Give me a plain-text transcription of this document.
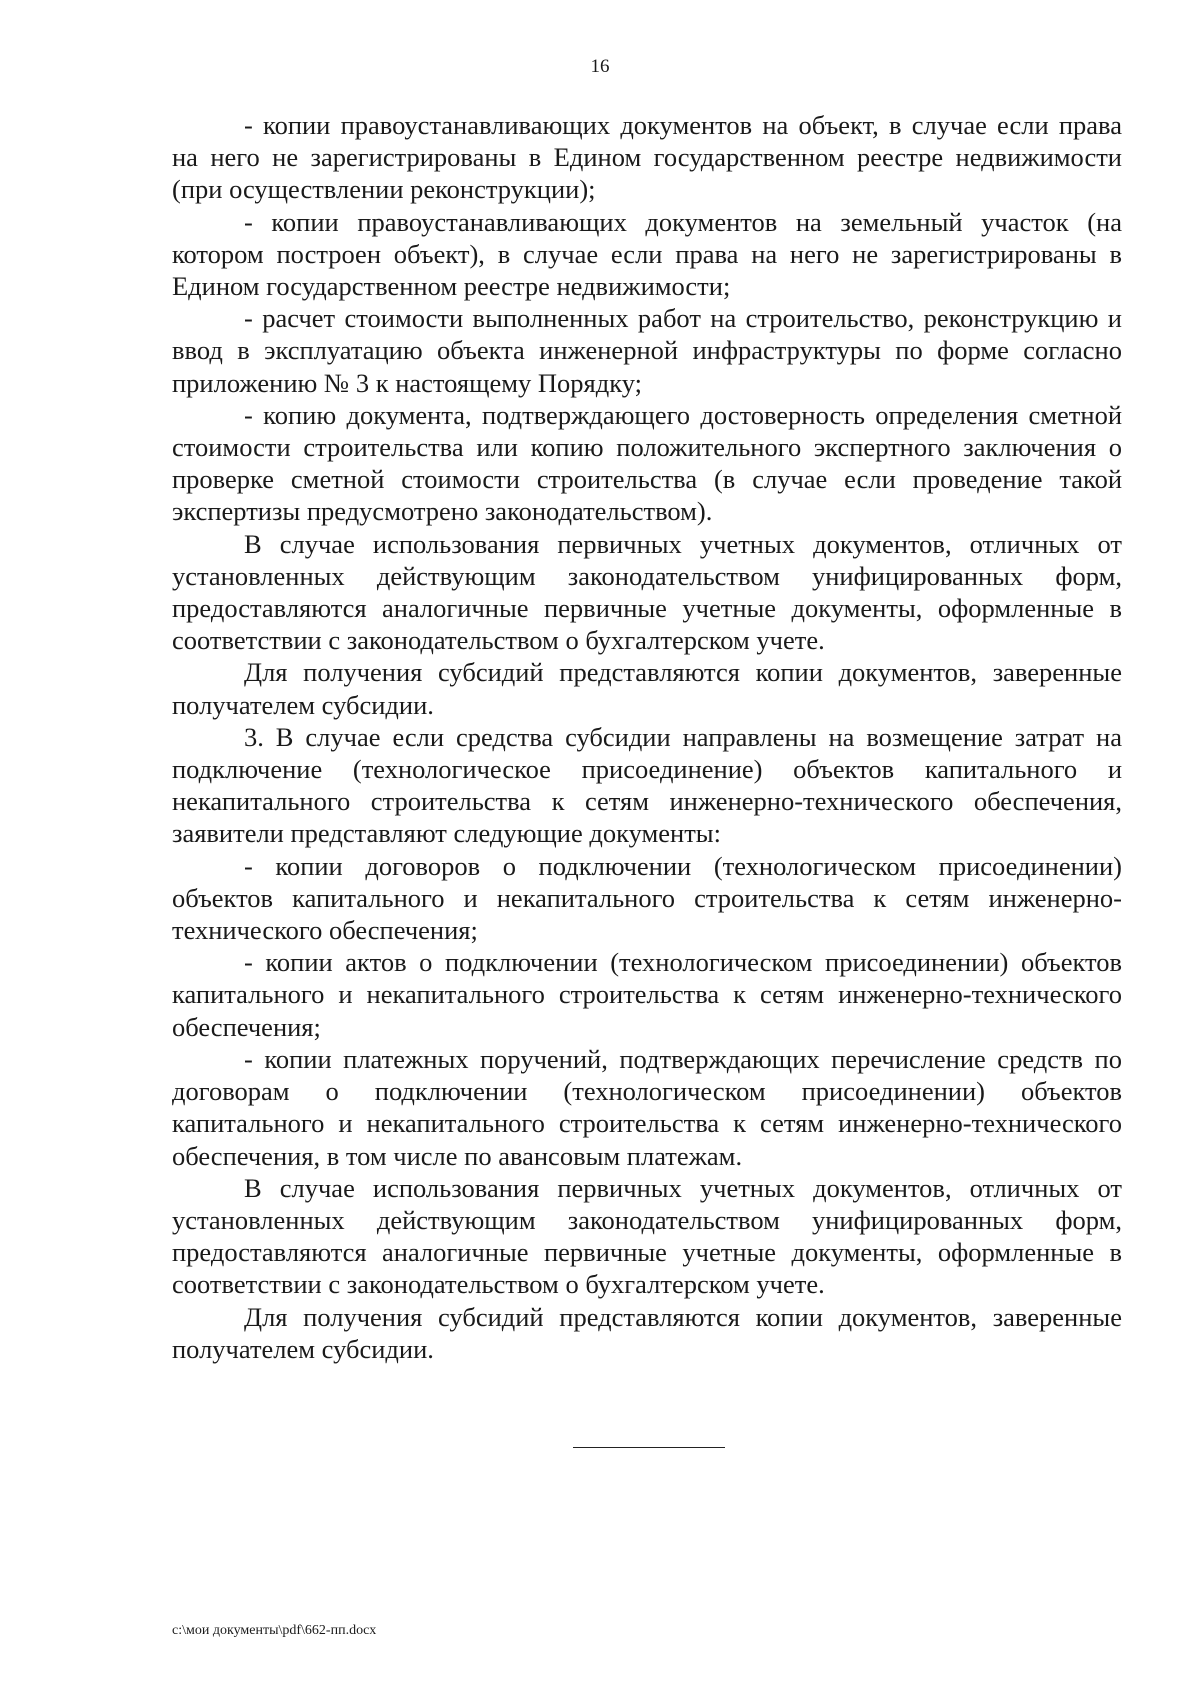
16

- копии правоустанавливающих документов на объект, в случае если права на него не зарегистрированы в Едином государственном реестре недвижимости (при осуществлении реконструкции);

- копии правоустанавливающих документов на земельный участок (на котором построен объект), в случае если права на него не зарегистрированы в Едином государственном реестре недвижимости;

- расчет стоимости выполненных работ на строительство, реконструкцию и ввод в эксплуатацию объекта инженерной инфраструктуры по форме согласно приложению № 3 к настоящему Порядку;

- копию документа, подтверждающего достоверность определения сметной стоимости строительства или копию положительного экспертного заключения о проверке сметной стоимости строительства (в случае если проведение такой экспертизы предусмотрено законодательством).

В случае использования первичных учетных документов, отличных от установленных действующим законодательством унифицированных форм, предоставляются аналогичные первичные учетные документы, оформленные в соответствии с законодательством о бухгалтерском учете.

Для получения субсидий представляются копии документов, заверенные получателем субсидии.

3. В случае если средства субсидии направлены на возмещение затрат на подключение (технологическое присоединение) объектов капитального и некапитального строительства к сетям инженерно-технического обеспечения, заявители представляют следующие документы:

- копии договоров о подключении (технологическом присоединении) объектов капитального и некапитального строительства к сетям инженерно-технического обеспечения;

- копии актов о подключении (технологическом присоединении) объектов капитального и некапитального строительства к сетям инженерно-технического обеспечения;

- копии платежных поручений, подтверждающих перечисление средств по договорам о подключении (технологическом присоединении) объектов капитального и некапитального строительства к сетям инженерно-технического обеспечения, в том числе по авансовым платежам.

В случае использования первичных учетных документов, отличных от установленных действующим законодательством унифицированных форм, предоставляются аналогичные первичные учетные документы, оформленные в соответствии с законодательством о бухгалтерском учете.

Для получения субсидий представляются копии документов, заверенные получателем субсидии.

c:\мои документы\pdf\662-пп.docx
